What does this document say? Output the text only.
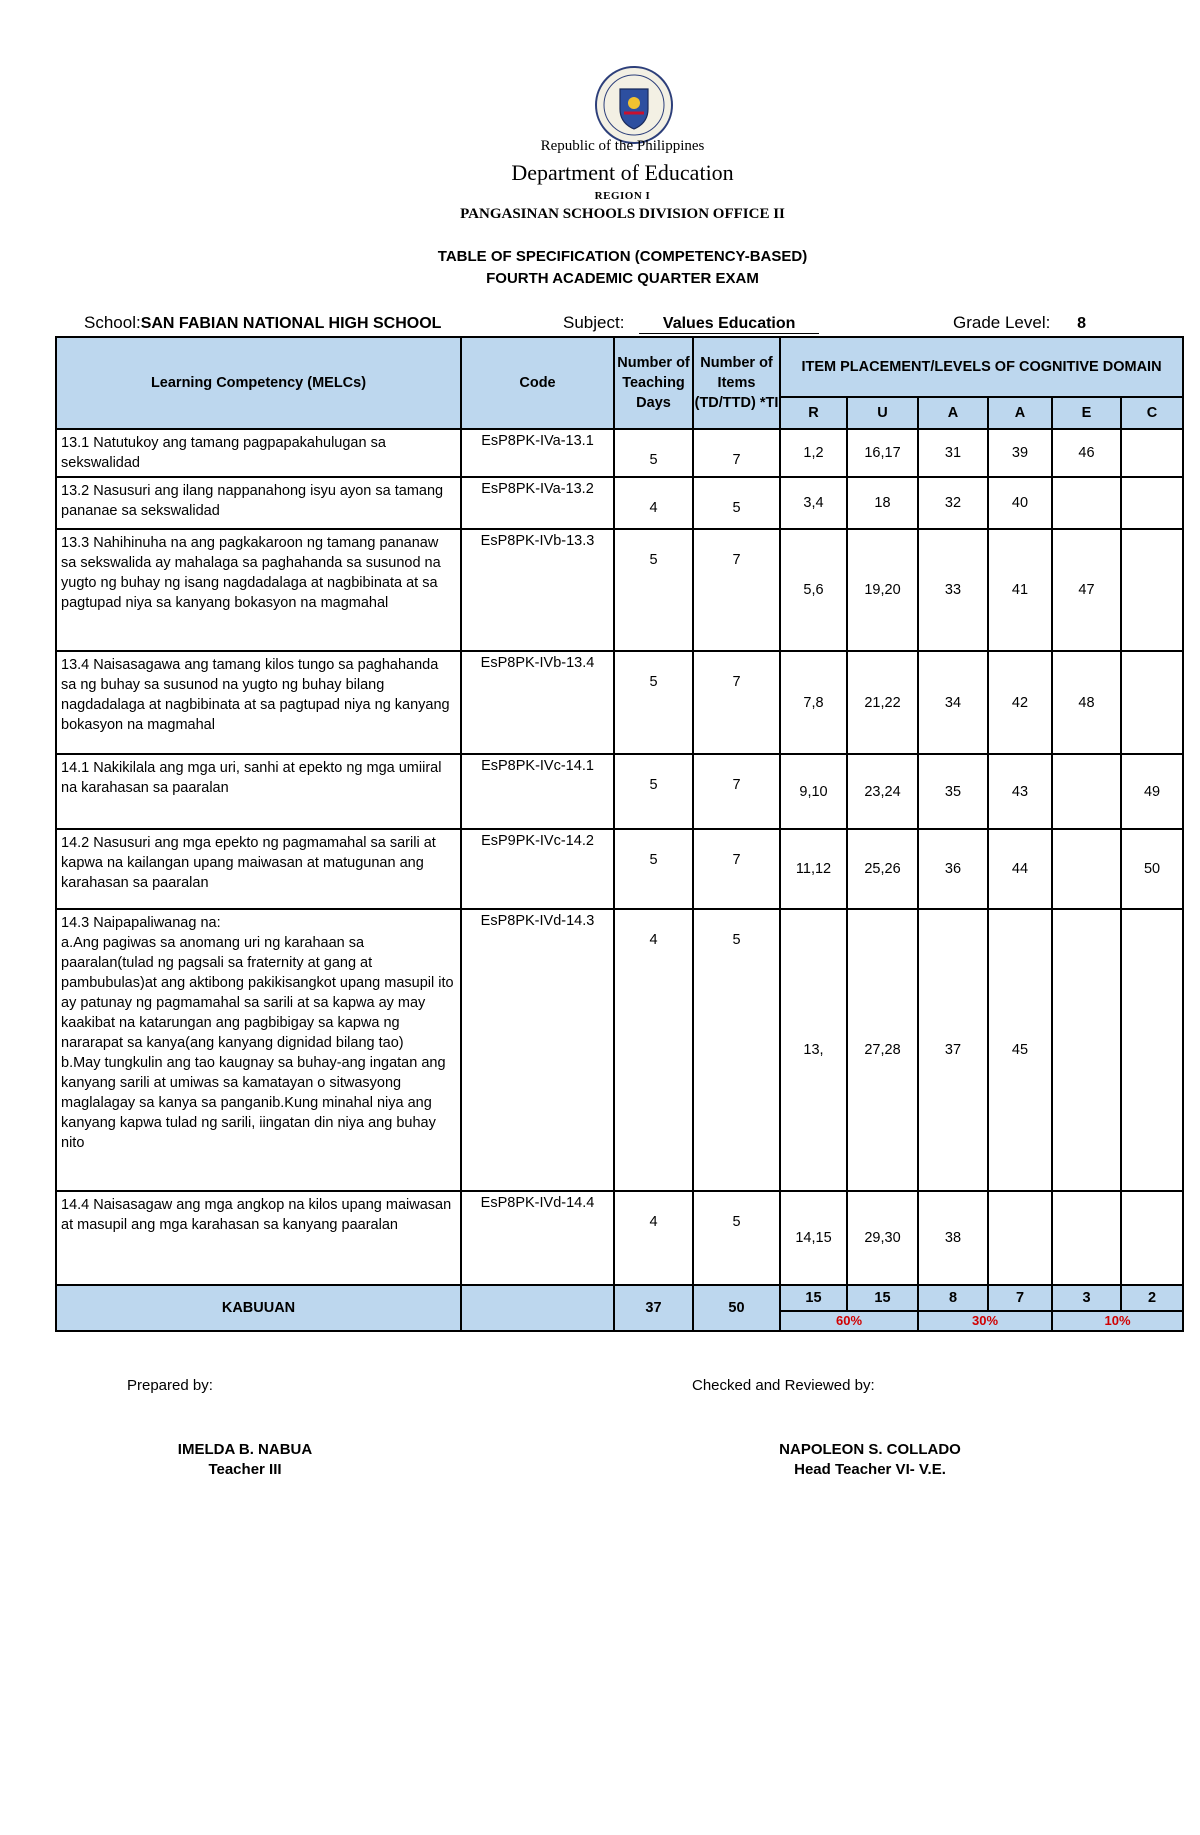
Republic of the Philippines
Department of Education
REGION I
PANGASINAN SCHOOLS DIVISION OFFICE II
TABLE OF SPECIFICATION (COMPETENCY-BASED)
FOURTH ACADEMIC QUARTER EXAM
School:SAN FABIAN NATIONAL HIGH SCHOOL	Subject: Values Education	Grade Level: 8
Learning Competency (MELCs)	Code	Number of Teaching Days	Number of Items (TD/TTD) *TI	ITEM PLACEMENT/LEVELS OF COGNITIVE DOMAIN					
				R	U	A	A	E	C
13.1 Natutukoy ang tamang pagpapakahulugan sa sekswalidad	EsP8PK-IVa-13.1	5	7	1,2	16,17	31	39	46	
13.2 Nasusuri ang ilang nappanahong isyu ayon sa tamang pananae sa sekswalidad	EsP8PK-IVa-13.2	4	5	3,4	18	32	40		
13.3 Nahihinuha na ang pagkakaroon ng tamang pananaw sa sekswalida ay mahalaga sa paghahanda sa susunod na yugto ng buhay ng isang nagdadalaga at nagbibinata at sa pagtupad niya sa kanyang bokasyon na magmahal	EsP8PK-IVb-13.3	5	7	5,6	19,20	33	41	47	
13.4 Naisasagawa ang tamang kilos tungo sa paghahanda sa ng buhay sa susunod na yugto ng buhay bilang nagdadalaga at nagbibinata at sa pagtupad niya ng kanyang bokasyon na magmahal	EsP8PK-IVb-13.4	5	7	7,8	21,22	34	42	48	
14.1 Nakikilala ang mga uri, sanhi at epekto ng mga umiiral na karahasan sa paaralan	EsP8PK-IVc-14.1	5	7	9,10	23,24	35	43		49
14.2 Nasusuri ang mga epekto ng pagmamahal sa sarili at kapwa na kailangan upang maiwasan at matugunan ang karahasan sa paaralan	EsP9PK-IVc-14.2	5	7	11,12	25,26	36	44		50
14.3 Naipapaliwanag na:
a.Ang pagiwas sa anomang uri ng karahaan sa paaralan(tulad ng pagsali sa fraternity at gang at pambubulas)at ang aktibong pakikisangkot upang masupil ito ay patunay ng pagmamahal sa sarili at sa kapwa ay may kaakibat na katarungan ang pagbibigay sa kapwa ng nararapat sa kanya(ang kanyang dignidad bilang tao)
b.May tungkulin ang tao kaugnay sa buhay-ang ingatan ang kanyang sarili at umiwas sa kamatayan o sitwasyong maglalagay sa kanya sa panganib.Kung minahal niya ang kanyang kapwa tulad ng sarili, iingatan din niya ang buhay nito	EsP8PK-IVd-14.3	4	5	13,	27,28	37	45		
14.4 Naisasagaw ang mga angkop na kilos upang maiwasan at masupil ang mga karahasan sa kanyang paaralan	EsP8PK-IVd-14.4	4	5	14,15	29,30	38			
KABUUAN		37	50	15	15	8	7	3	2
				60%		30%		10%	
Prepared by:	Checked and Reviewed by:
IMELDA B. NABUA
Teacher III
NAPOLEON S. COLLADO
Head Teacher VI- V.E.
